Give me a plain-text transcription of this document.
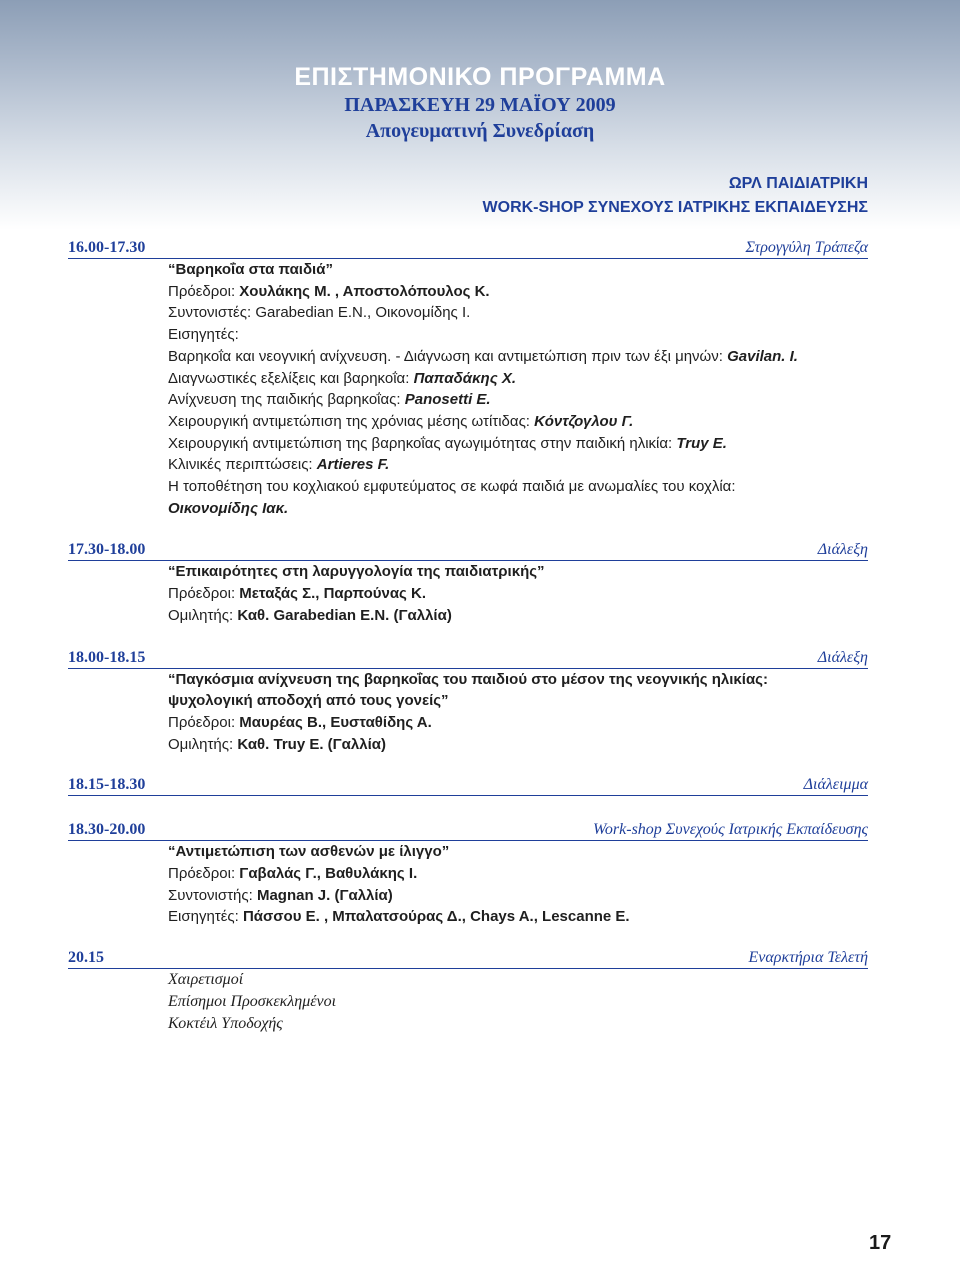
ΕΠΙΣΤΗΜΟΝΙΚΟ ΠΡΟΓΡΑΜΜΑ
ΠΑΡΑΣΚΕΥΗ 29 ΜΑΪΟΥ 2009
Απογευματινή Συνεδρίαση
ΩΡΛ ΠΑΙΔΙΑΤΡΙΚΗ
WORK-SHOP ΣΥΝΕΧΟΥΣ ΙΑΤΡΙΚΗΣ ΕΚΠΑΙΔΕΥΣΗΣ
16.00-17.30	Στρογγύλη Τράπεζα
“Βαρηκοΐα στα παιδιά”
Πρόεδροι: Χουλάκης Μ. , Αποστολόπουλος Κ.
Συντονιστές: Garabedian E.N., Οικονομίδης Ι.
Εισηγητές:
Βαρηκοΐα και νεογνική ανίχνευση. - Διάγνωση και αντιμετώπιση πριν των έξι μηνών: Gavilan. I.
Διαγνωστικές εξελίξεις και βαρηκοΐα: Παπαδάκης Χ.
Ανίχνευση της παιδικής βαρηκοΐας: Panosetti E.
Χειρουργική αντιμετώπιση της χρόνιας μέσης ωτίτιδας: Κόντζογλου Γ.
Χειρουργική αντιμετώπιση της βαρηκοΐας αγωγιμότητας στην παιδική ηλικία: Truy E.
Κλινικές περιπτώσεις: Artieres F.
Η τοποθέτηση του κοχλιακού εμφυτεύματος σε κωφά παιδιά με ανωμαλίες του κοχλία:
Οικονομίδης Ιακ.
17.30-18.00	Διάλεξη
“Επικαιρότητες στη λαρυγγολογία της παιδιατρικής”
Πρόεδροι: Μεταξάς Σ., Παρπούνας Κ.
Ομιλητής: Καθ. Garabedian E.N. (Γαλλία)
18.00-18.15	Διάλεξη
“Παγκόσμια ανίχνευση της βαρηκοΐας του παιδιού στο μέσον της νεογνικής ηλικίας:
ψυχολογική αποδοχή από τους γονείς”
Πρόεδροι: Μαυρέας Β., Ευσταθίδης Α.
Ομιλητής: Καθ. Truy E. (Γαλλία)
18.15-18.30	Διάλειμμα
18.30-20.00	Work-shop Συνεχούς Ιατρικής Εκπαίδευσης
“Αντιμετώπιση των ασθενών με ίλιγγο”
Πρόεδροι: Γαβαλάς Γ., Βαθυλάκης Ι.
Συντονιστής: Magnan J. (Γαλλία)
Εισηγητές: Πάσσου Ε. , Μπαλατσούρας Δ., Chays A., Lescanne E.
20.15	Εναρκτήρια Τελετή
Χαιρετισμοί
Επίσημοι Προσκεκλημένοι
Κοκτέιλ Υποδοχής
17
